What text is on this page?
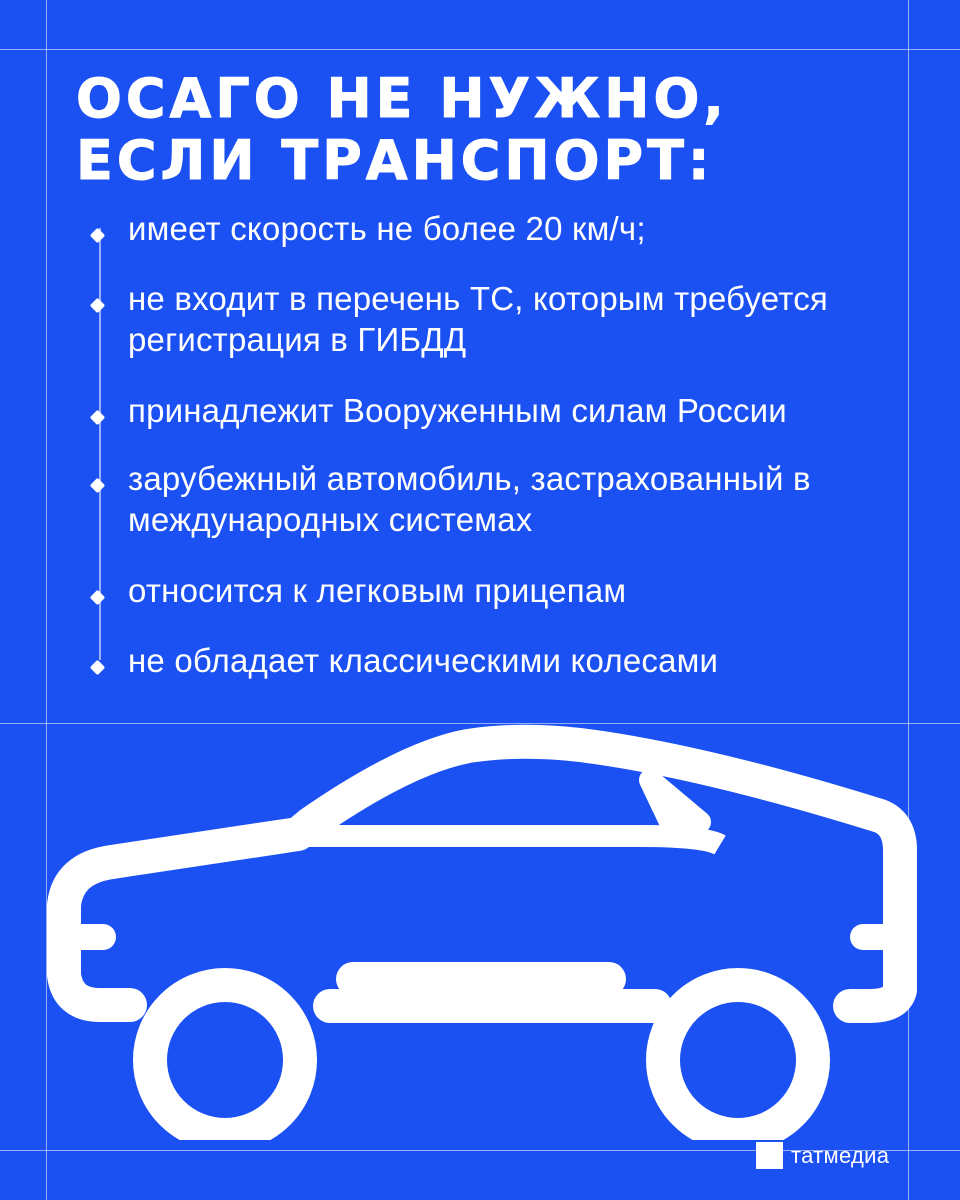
ОСАГО НЕ НУЖНО,
ЕСЛИ ТРАНСПОРТ:
имеет скорость не более 20 км/ч;
не входит в перечень ТС, которым требуется регистрация в ГИБДД
принадлежит Вооруженным силам России
зарубежный автомобиль, застрахованный в международных системах
относится к легковым прицепам
не обладает классическими колесами
татмедиа
